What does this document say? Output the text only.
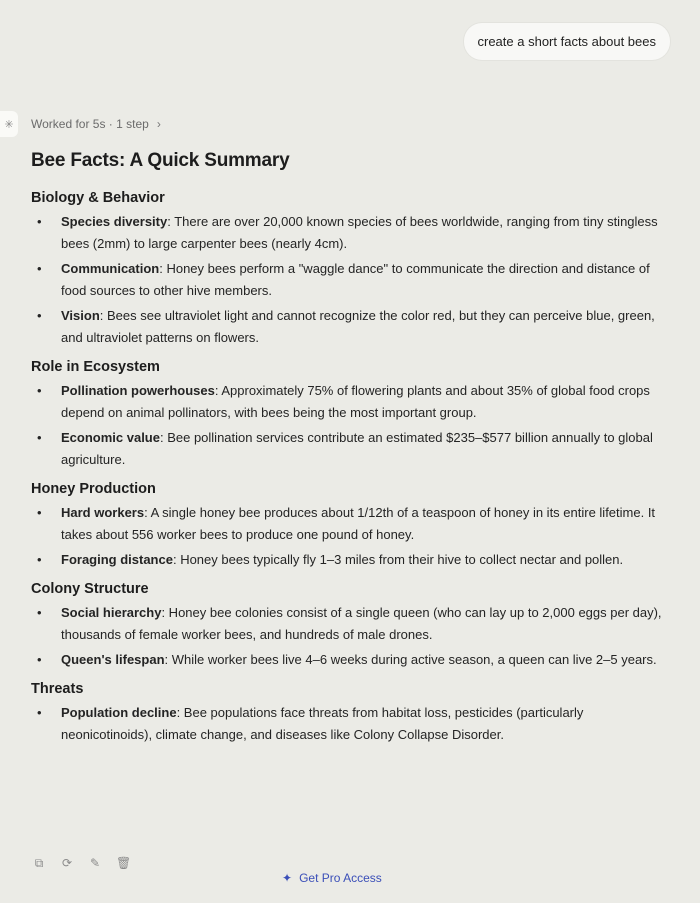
create a short facts about bees
✳	Worked for 5s · 1 step ›
Bee Facts: A Quick Summary
Biology & Behavior
• Species diversity: There are over 20,000 known species of bees worldwide, ranging from tiny stingless bees (2mm) to large carpenter bees (nearly 4cm).
• Communication: Honey bees perform a "waggle dance" to communicate the direction and distance of food sources to other hive members.
• Vision: Bees see ultraviolet light and cannot recognize the color red, but they can perceive blue, green, and ultraviolet patterns on flowers.
Role in Ecosystem
• Pollination powerhouses: Approximately 75% of flowering plants and about 35% of global food crops depend on animal pollinators, with bees being the most important group.
• Economic value: Bee pollination services contribute an estimated $235–$577 billion annually to global agriculture.
Honey Production
• Hard workers: A single honey bee produces about 1/12th of a teaspoon of honey in its entire lifetime. It takes about 556 worker bees to produce one pound of honey.
• Foraging distance: Honey bees typically fly 1–3 miles from their hive to collect nectar and pollen.
Colony Structure
• Social hierarchy: Honey bee colonies consist of a single queen (who can lay up to 2,000 eggs per day), thousands of female worker bees, and hundreds of male drones.
• Queen's lifespan: While worker bees live 4–6 weeks during active season, a queen can live 2–5 years.
Threats
• Population decline: Bee populations face threats from habitat loss, pesticides (particularly neonicotinoids), climate change, and diseases like Colony Collapse Disorder.
⧉ ⟳ ✎ 🗑
✦ Get Pro Access
